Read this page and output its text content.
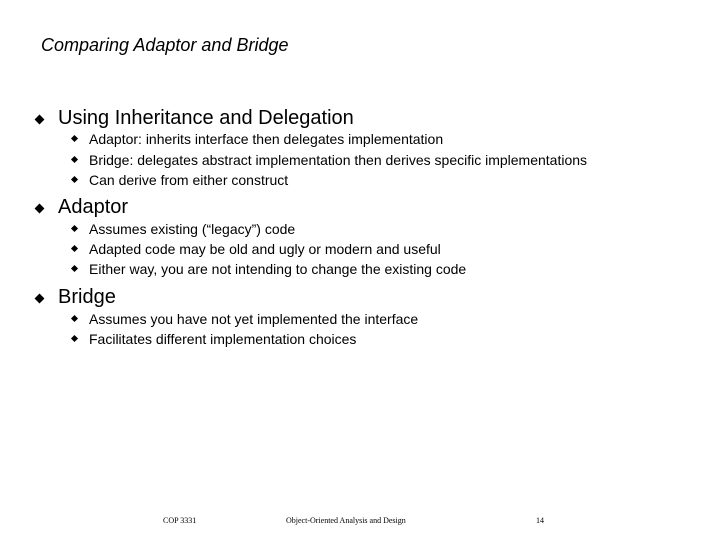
Comparing Adaptor and Bridge
Using Inheritance and Delegation
Adaptor: inherits interface then delegates implementation
Bridge: delegates abstract implementation then derives specific implementations
Can derive from either construct
Adaptor
Assumes existing (“legacy”) code
Adapted code may be old and ugly or modern and useful
Either way, you are not intending to change the existing code
Bridge
Assumes you have not yet implemented the interface
Facilitates different implementation choices
COP 3331	Object-Oriented Analysis and Design	14
